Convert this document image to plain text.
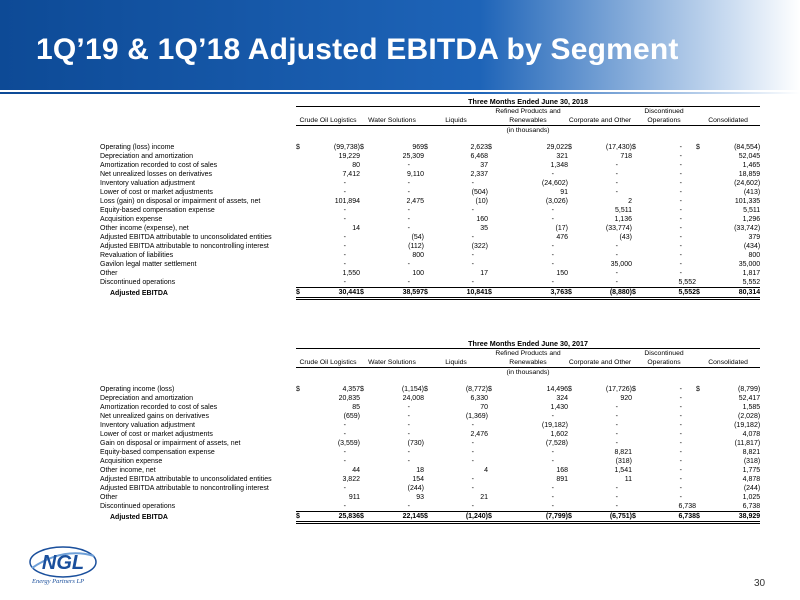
1Q’19 & 1Q’18 Adjusted EBITDA by Segment
	Three Months Ended June 30, 2018													
	Crude Oil Logistics		Water Solutions		Liquids		Refined Products and Renewables		Corporate and Other		Discontinued Operations		Consolidated	
							(in thousands)							

Operating (loss) income	$	(99,738)	$	969	$	2,623	$	29,022	$	(17,430)	$	-	$	(84,554)
Depreciation and amortization		19,229		25,309		6,468		321		718		-		52,045
Amortization recorded to cost of sales		80		-		37		1,348		-		-		1,465
Net unrealized losses on derivatives		7,412		9,110		2,337		-		-		-		18,859
Inventory valuation adjustment		-		-		-		(24,602)		-		-		(24,602)
Lower of cost or market adjustments		-		-		(504)		91		-		-		(413)
Loss (gain) on disposal or impairment of assets, net		101,894		2,475		(10)		(3,026)		2		-		101,335
Equity-based compensation expense		-		-		-		-		5,511		-		5,511
Acquisition expense		-		-		160		-		1,136		-		1,296
Other income (expense), net		14		-		35		(17)		(33,774)		-		(33,742)
Adjusted EBITDA attributable to unconsolidated entities		-		(54)		-		476		(43)		-		379
Adjusted EBITDA attributable to noncontrolling interest		-		(112)		(322)		-		-		-		(434)
Revaluation of liabilities		-		800		-		-		-		-		800
Gavilon legal matter settlement		-		-		-		-		35,000		-		35,000
Other		1,550		100		17		150		-		-		1,817
Discontinued operations		-		-		-		-		-		5,552		5,552
Adjusted EBITDA	$	30,441	$	38,597	$	10,841	$	3,763	$	(8,880)	$	5,552	$	80,314
	Three Months Ended June 30, 2017													
	Crude Oil Logistics		Water Solutions		Liquids		Refined Products and Renewables		Corporate and Other		Discontinued Operations		Consolidated	
							(in thousands)							

Operating income (loss)	$	4,357	$	(1,154)	$	(8,772)	$	14,496	$	(17,726)	$	-	$	(8,799)
Depreciation and amortization		20,835		24,008		6,330		324		920		-		52,417
Amortization recorded to cost of sales		85		-		70		1,430		-		-		1,585
Net unrealized gains on derivatives		(659)		-		(1,369)		-		-		-		(2,028)
Inventory valuation adjustment		-		-		-		(19,182)		-		-		(19,182)
Lower of cost or market adjustments		-		-		2,476		1,602		-		-		4,078
Gain on disposal or impairment of assets, net		(3,559)		(730)		-		(7,528)		-		-		(11,817)
Equity-based compensation expense		-		-		-		-		8,821		-		8,821
Acquisition expense		-		-		-		-		(318)		-		(318)
Other income, net		44		18		4		168		1,541		-		1,775
Adjusted EBITDA attributable to unconsolidated entities		3,822		154		-		891		11		-		4,878
Adjusted EBITDA attributable to noncontrolling interest		-		(244)		-		-		-		-		(244)
Other		911		93		21		-		-		-		1,025
Discontinued operations		-		-		-		-		-		6,738		6,738
Adjusted EBITDA	$	25,836	$	22,145	$	(1,240)	$	(7,799)	$	(6,751)	$	6,738	$	38,929
NGL
Energy Partners LP	30
